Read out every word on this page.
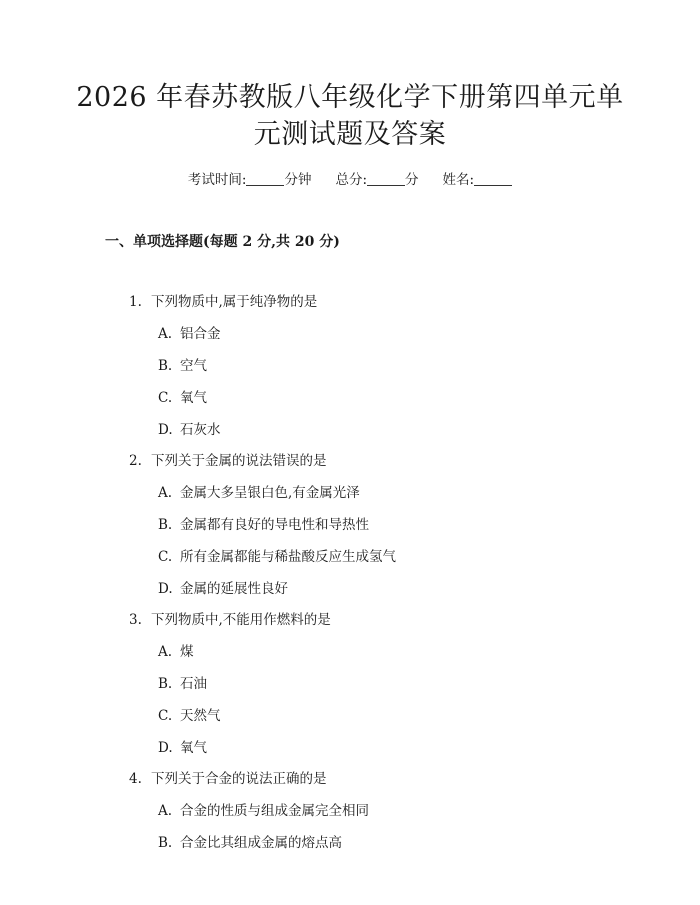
2026 年春苏教版八年级化学下册第四单元单
元测试题及答案
考试时间:	分钟 总分:	分 姓名:
一、单项选择题(每题 2 分,共 20 分)
1. 下列物质中,属于纯净物的是
A. 铝合金
B. 空气
C. 氧气
D. 石灰水
2. 下列关于金属的说法错误的是
A. 金属大多呈银白色,有金属光泽
B. 金属都有良好的导电性和导热性
C. 所有金属都能与稀盐酸反应生成氢气
D. 金属的延展性良好
3. 下列物质中,不能用作燃料的是
A. 煤
B. 石油
C. 天然气
D. 氧气
4. 下列关于合金的说法正确的是
A. 合金的性质与组成金属完全相同
B. 合金比其组成金属的熔点高
